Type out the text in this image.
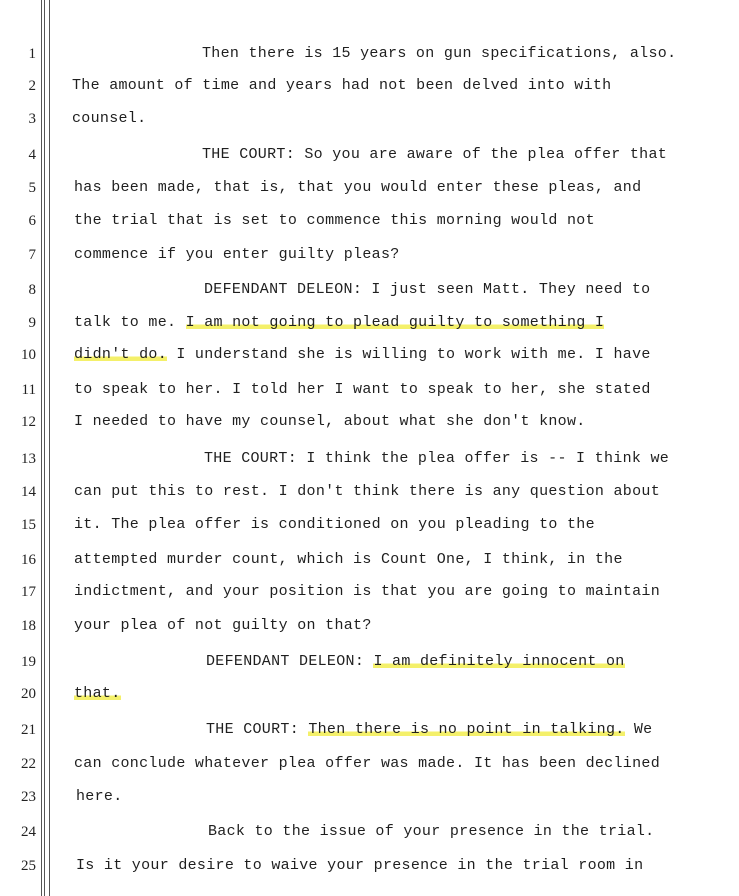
1
2
3
4
5
6
7
8
9
10
11
12
13
14
15
16
17
18
19
20
21
22
23
24
25
Then there is 15 years on gun specifications, also.
The amount of time and years had not been delved into with
counsel.
THE COURT: So you are aware of the plea offer that
has been made, that is, that you would enter these pleas, and
the trial that is set to commence this morning would not
commence if you enter guilty pleas?
DEFENDANT DELEON: I just seen Matt. They need to
talk to me. I am not going to plead guilty to something I
didn't do. I understand she is willing to work with me. I have
to speak to her. I told her I want to speak to her, she stated
I needed to have my counsel, about what she don't know.
THE COURT: I think the plea offer is -- I think we
can put this to rest. I don't think there is any question about
it. The plea offer is conditioned on you pleading to the
attempted murder count, which is Count One, I think, in the
indictment, and your position is that you are going to maintain
your plea of not guilty on that?
DEFENDANT DELEON: I am definitely innocent on
that.
THE COURT: Then there is no point in talking. We
can conclude whatever plea offer was made. It has been declined
here.
Back to the issue of your presence in the trial.
Is it your desire to waive your presence in the trial room in
